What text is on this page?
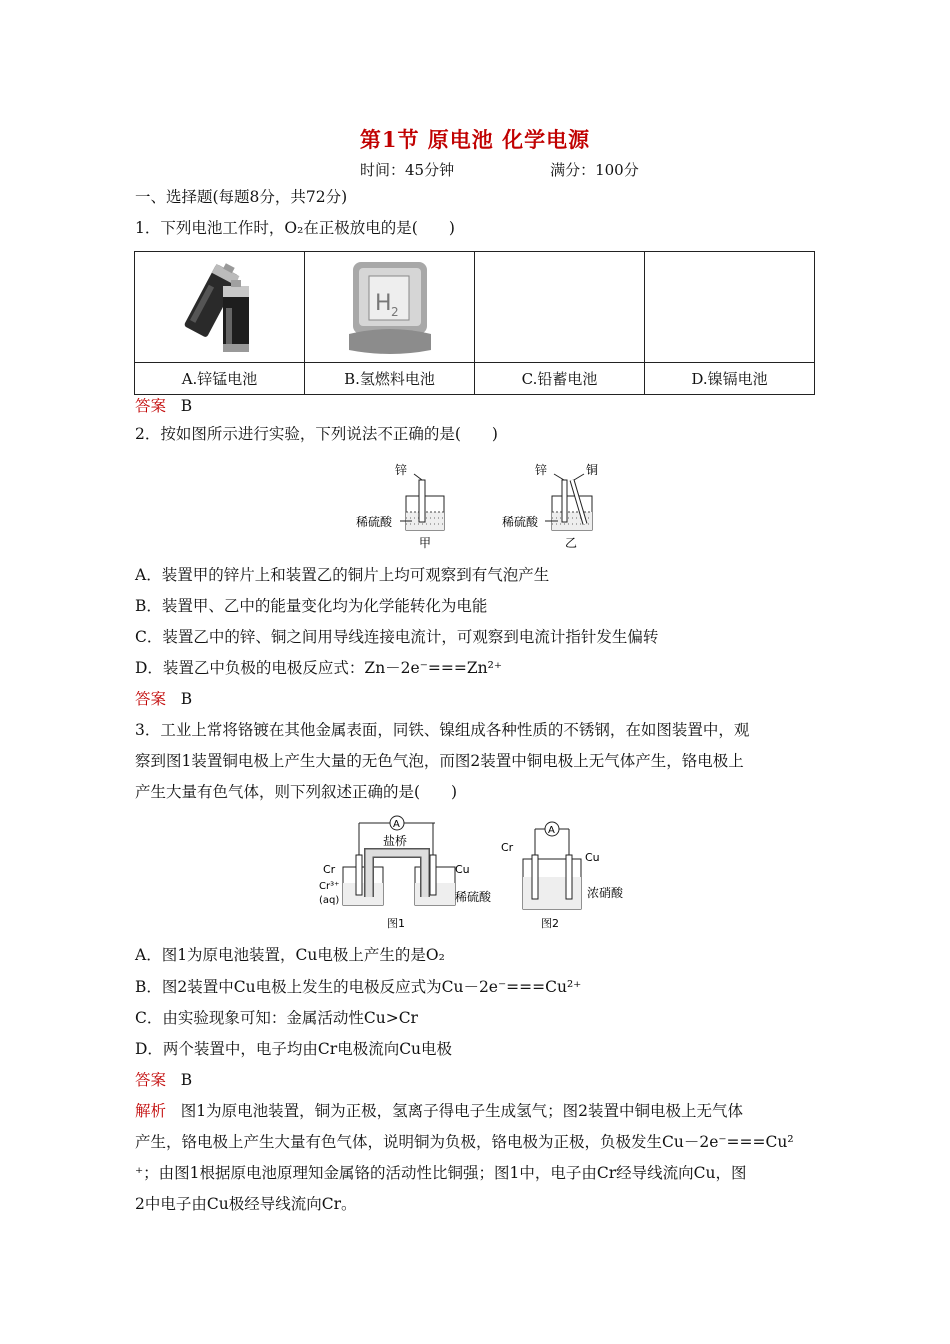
第1节 原电池 化学电源
时间：45分钟	满分：100分
一、选择题(每题8分，共72分)
1．下列电池工作时，O₂在正极放电的是(　　)

H 2		

A.锌锰电池	B.氢燃料电池	C.铅蓄电池	D.镍镉电池
答案 B
2．按如图所示进行实验，下列说法不正确的是(　　)
锌
稀硫酸
甲
锌	铜
稀硫酸
乙
A．装置甲的锌片上和装置乙的铜片上均可观察到有气泡产生
B．装置甲、乙中的能量变化均为化学能转化为电能
C．装置乙中的锌、铜之间用导线连接电流计，可观察到电流计指针发生偏转
D．装置乙中负极的电极反应式：Zn－2e⁻===Zn²⁺
答案 B
3．工业上常将铬镀在其他金属表面，同铁、镍组成各种性质的不锈钢，在如图装置中，观
察到图1装置铜电极上产生大量的无色气泡，而图2装置中铜电极上无气体产生，铬电极上
产生大量有色气体，则下列叙述正确的是(　　)
A
盐桥
Cr
Cr³⁺
(aq)
Cu
稀硫酸
图1
A
Cr
Cu
浓硝酸
图2
A．图1为原电池装置，Cu电极上产生的是O₂
B．图2装置中Cu电极上发生的电极反应式为Cu－2e⁻===Cu²⁺
C．由实验现象可知：金属活动性Cu>Cr
D．两个装置中，电子均由Cr电极流向Cu电极
答案 B
解析 图1为原电池装置，铜为正极，氢离子得电子生成氢气；图2装置中铜电极上无气体
产生，铬电极上产生大量有色气体，说明铜为负极，铬电极为正极，负极发生Cu－2e⁻===Cu²
⁺；由图1根据原电池原理知金属铬的活动性比铜强；图1中，电子由Cr经导线流向Cu，图
2中电子由Cu极经导线流向Cr。
